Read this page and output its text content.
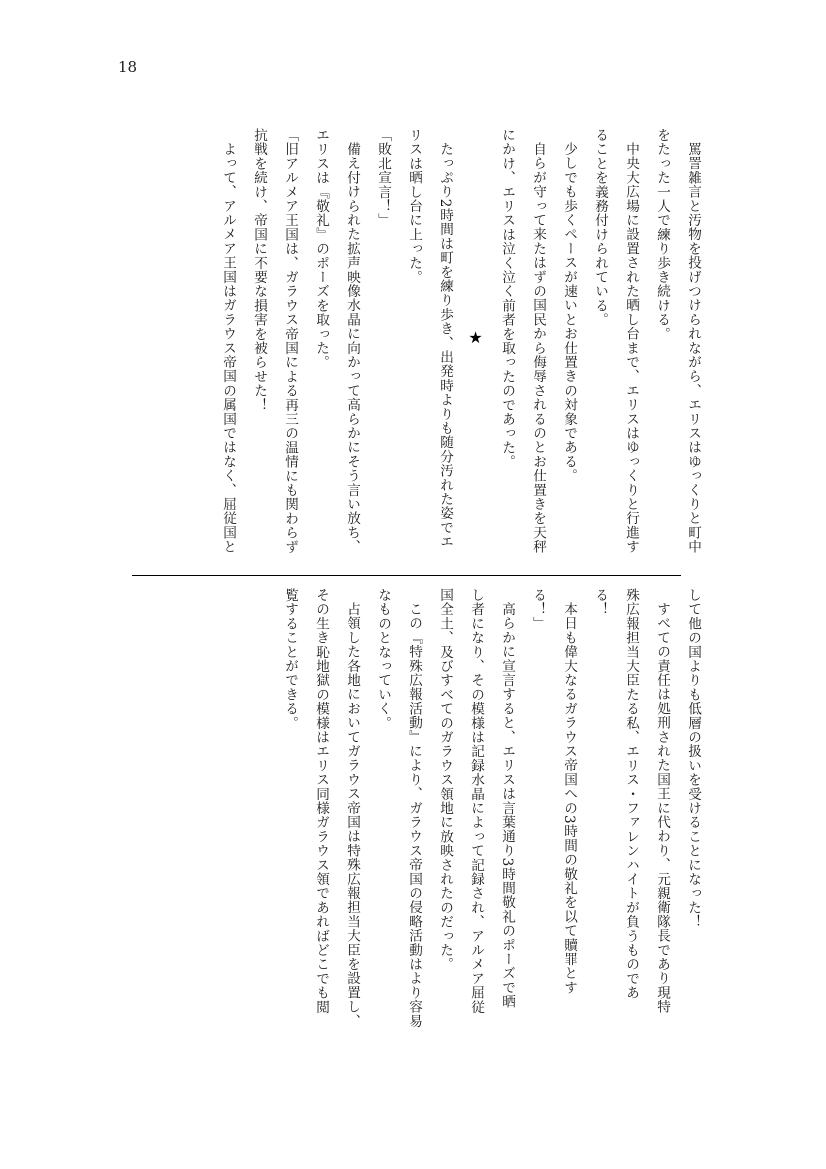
18

罵詈雑言と汚物を投げつけられながら、エリスはゆっくりと町中

をたった一人で練り歩き続ける。

中央大広場に設置された晒し台まで、エリスはゆっくりと行進す

ることを義務付けられている。

少しでも歩くペースが速いとお仕置きの対象である。

自らが守って来たはずの国民から侮辱されるのとお仕置きを天秤

にかけ、エリスは泣く泣く前者を取ったのであった。

★

たっぷり2時間は町を練り歩き、出発時よりも随分汚れた姿でエ

リスは晒し台に上った。

「敗北宣言！」

備え付けられた拡声映像水晶に向かって高らかにそう言い放ち、

エリスは『敬礼』のポーズを取った。

「旧アルメア王国は、ガラウス帝国による再三の温情にも関わらず

抗戦を続け、帝国に不要な損害を被らせた！

よって、アルメア王国はガラウス帝国の属国ではなく、屈従国と

して他の国よりも低層の扱いを受けることになった！

すべての責任は処刑された国王に代わり、元親衛隊長であり現特

殊広報担当大臣たる私、エリス・ファレンハイトが負うものである！

本日も偉大なるガラウス帝国への3時間の敬礼を以て贖罪とす

る！」

高らかに宣言すると、エリスは言葉通り3時間敬礼のポーズで晒

し者になり、その模様は記録水晶によって記録され、アルメア屈従

国全土、及びすべてのガラウス領地に放映されたのだった。

この『特殊広報活動』により、ガラウス帝国の侵略活動はより容易

なものとなっていく。

占領した各地においてガラウス帝国は特殊広報担当大臣を設置し、

その生き恥地獄の模様はエリス同様ガラウス領であればどこでも閲

覧することができる。
